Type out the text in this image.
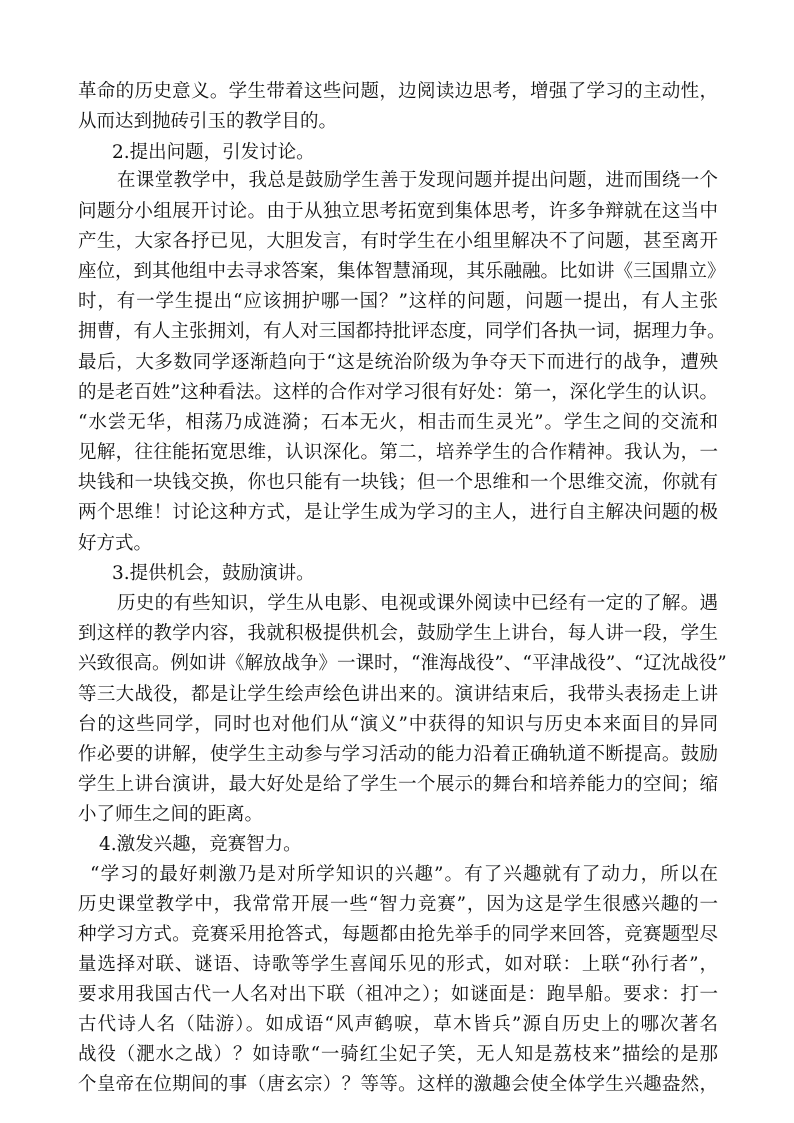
革命的历史意义。学生带着这些问题，边阅读边思考，增强了学习的主动性，
从而达到抛砖引玉的教学目的。
2.提出问题，引发讨论。
在课堂教学中，我总是鼓励学生善于发现问题并提出问题，进而围绕一个
问题分小组展开讨论。由于从独立思考拓宽到集体思考，许多争辩就在这当中
产生，大家各抒已见，大胆发言，有时学生在小组里解决不了问题，甚至离开
座位，到其他组中去寻求答案，集体智慧涌现，其乐融融。比如讲《三国鼎立》
时，有一学生提出“应该拥护哪一国？”这样的问题，问题一提出，有人主张
拥曹，有人主张拥刘，有人对三国都持批评态度，同学们各执一词，据理力争。
最后，大多数同学逐渐趋向于“这是统治阶级为争夺天下而进行的战争，遭殃
的是老百姓”这种看法。这样的合作对学习很有好处：第一，深化学生的认识。
“水尝无华，相荡乃成涟漪；石本无火，相击而生灵光”。学生之间的交流和
见解，往往能拓宽思维，认识深化。第二，培养学生的合作精神。我认为，一
块钱和一块钱交换，你也只能有一块钱；但一个思维和一个思维交流，你就有
两个思维！讨论这种方式，是让学生成为学习的主人，进行自主解决问题的极
好方式。
3.提供机会，鼓励演讲。
历史的有些知识，学生从电影、电视或课外阅读中已经有一定的了解。遇
到这样的教学内容，我就积极提供机会，鼓励学生上讲台，每人讲一段，学生
兴致很高。例如讲《解放战争》一课时，“淮海战役”、“平津战役”、“辽沈战役”
等三大战役，都是让学生绘声绘色讲出来的。演讲结束后，我带头表扬走上讲
台的这些同学，同时也对他们从“演义”中获得的知识与历史本来面目的异同
作必要的讲解，使学生主动参与学习活动的能力沿着正确轨道不断提高。鼓励
学生上讲台演讲，最大好处是给了学生一个展示的舞台和培养能力的空间；缩
小了师生之间的距离。
4.激发兴趣，竞赛智力。
“学习的最好刺激乃是对所学知识的兴趣”。有了兴趣就有了动力，所以在
历史课堂教学中，我常常开展一些“智力竞赛”，因为这是学生很感兴趣的一
种学习方式。竞赛采用抢答式，每题都由抢先举手的同学来回答，竞赛题型尽
量选择对联、谜语、诗歌等学生喜闻乐见的形式，如对联：上联“孙行者”，
要求用我国古代一人名对出下联（祖冲之）；如谜面是：跑旱船。要求：打一
古代诗人名（陆游）。如成语“风声鹤唳，草木皆兵”源自历史上的哪次著名
战役（淝水之战）？如诗歌“一骑红尘妃子笑，无人知是荔枝来”描绘的是那
个皇帝在位期间的事（唐玄宗）？等等。这样的激趣会使全体学生兴趣盎然，
